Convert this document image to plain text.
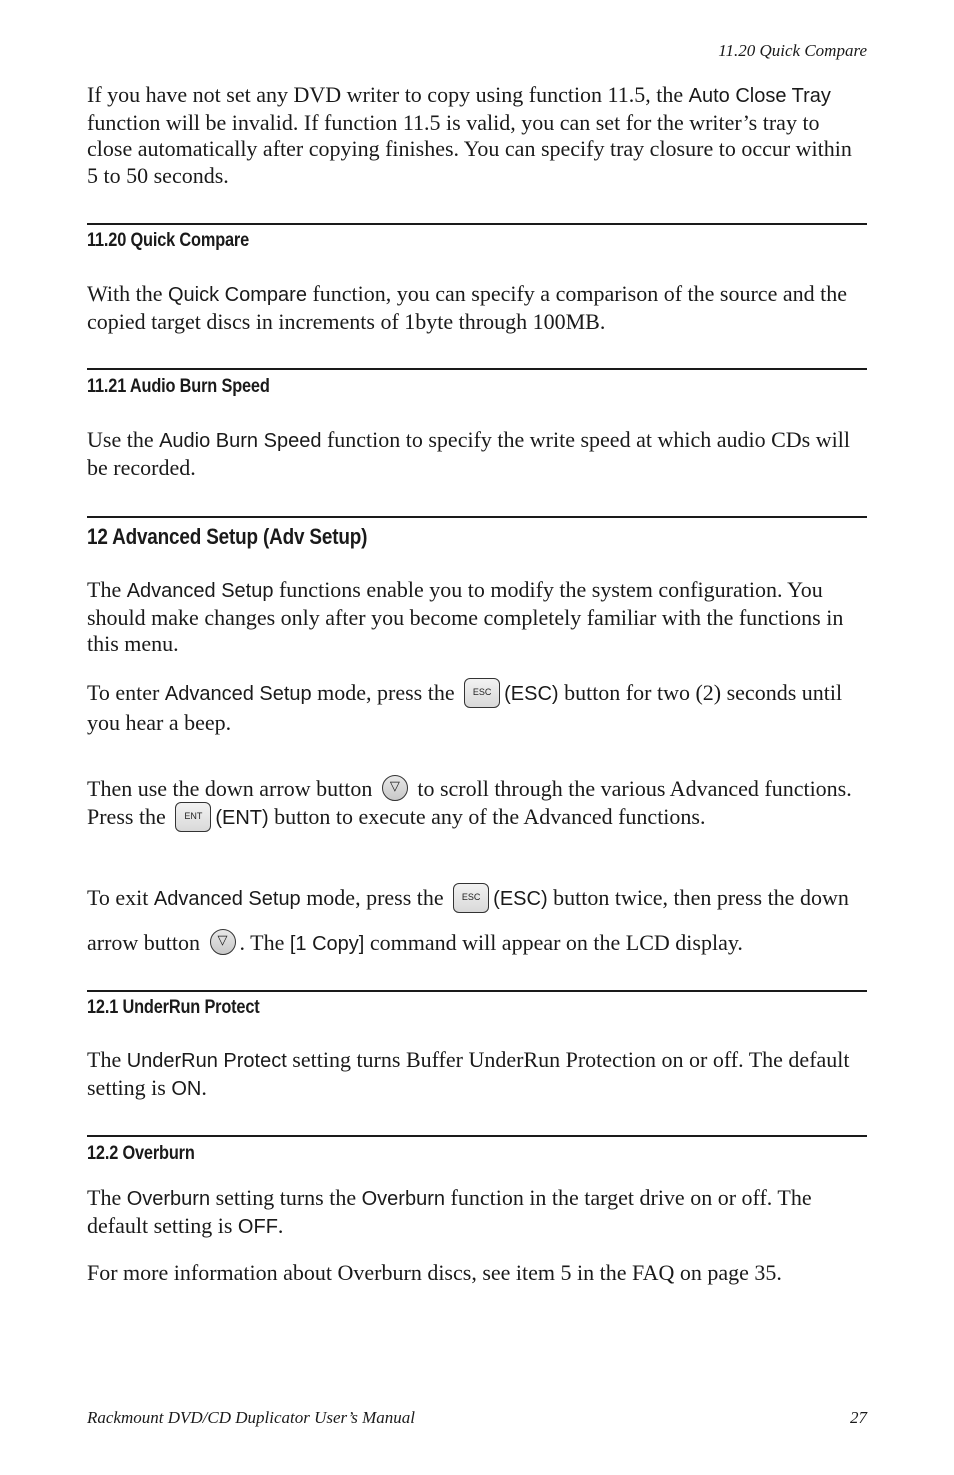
11.20 Quick Compare

If you have not set any DVD writer to copy using function 11.5, the Auto Close Tray function will be invalid. If function 11.5 is valid, you can set for the writer’s tray to close automatically after copying finishes. You can specify tray closure to occur within 5 to 50 seconds.

11.20 Quick Compare

With the Quick Compare function, you can specify a comparison of the source and the copied target discs in increments of 1byte through 100MB.

11.21 Audio Burn Speed

Use the Audio Burn Speed function to specify the write speed at which audio CDs will be recorded.

12 Advanced Setup (Adv Setup)

The Advanced Setup functions enable you to modify the system configuration. You should make changes only after you become completely familiar with the functions in this menu.

To enter Advanced Setup mode, press the ESC (ESC) button for two (2) seconds until you hear a beep.

Then use the down arrow button ▽ to scroll through the various Advanced functions. Press the ENT (ENT) button to execute any of the Advanced functions.

To exit Advanced Setup mode, press the ESC (ESC) button twice, then press the down arrow button ▽ . The [1 Copy] command will appear on the LCD display.

12.1 UnderRun Protect

The UnderRun Protect setting turns Buffer UnderRun Protection on or off. The default setting is ON.

12.2 Overburn

The Overburn setting turns the Overburn function in the target drive on or off. The default setting is OFF.

For more information about Overburn discs, see item 5 in the FAQ on page 35.

Rackmount DVD/CD Duplicator User’s Manual	27
